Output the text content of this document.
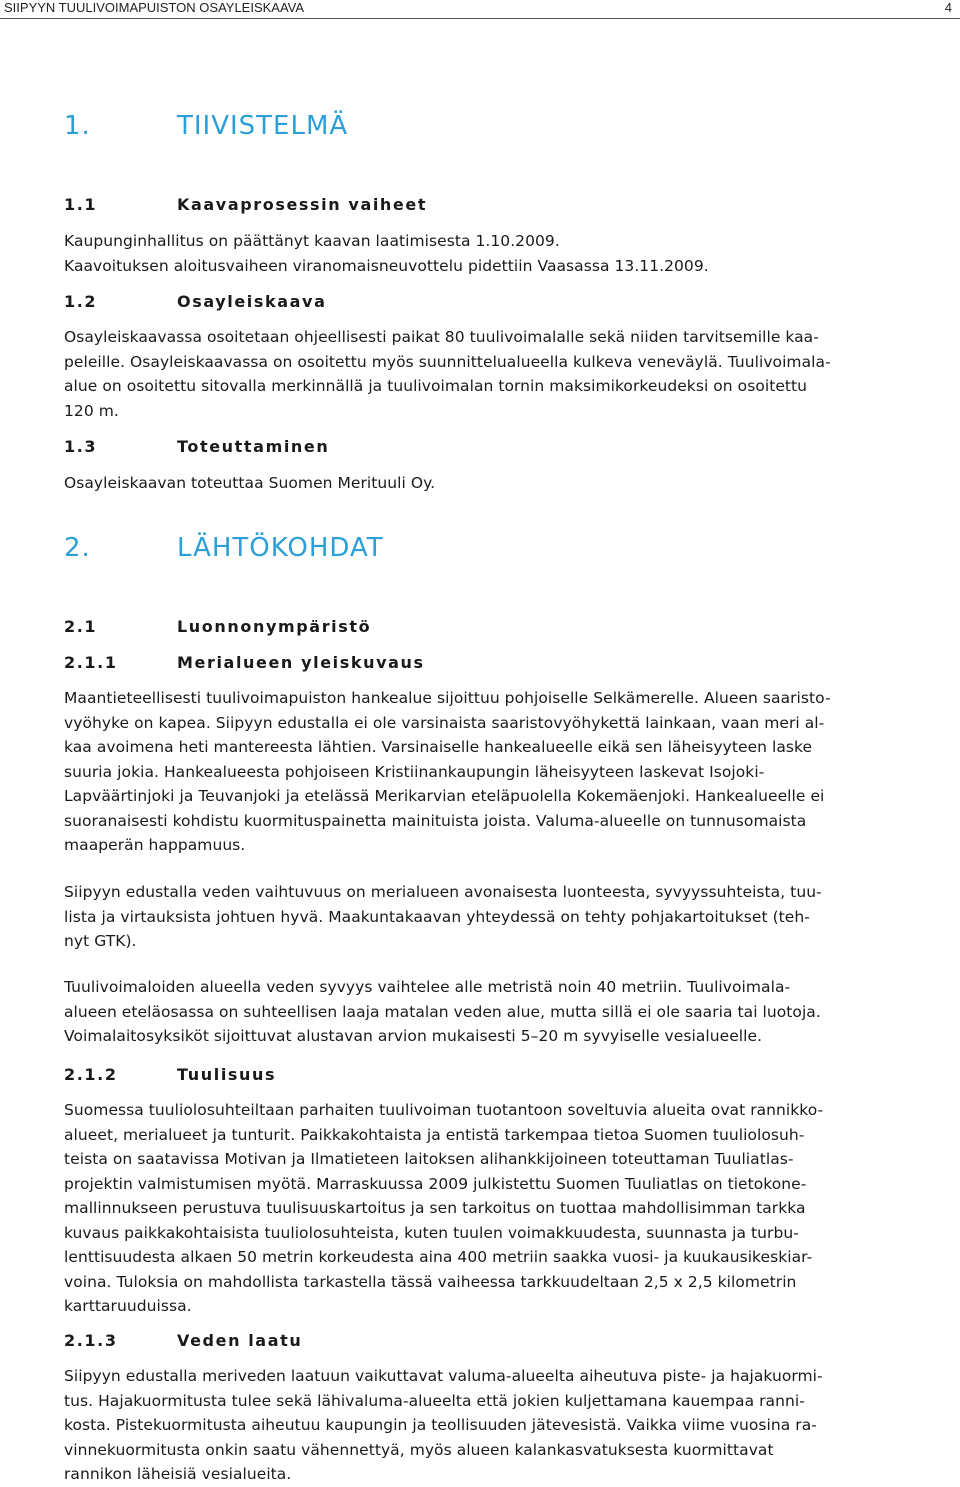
SIIPYYN TUULIVOIMAPUISTON OSAYLEISKAAVA	4
1.	TIIVISTELMÄ
1.1	Kaavaprosessin vaiheet

Kaupunginhallitus on päättänyt kaavan laatimisesta 1.10.2009.
Kaavoituksen aloitusvaiheen viranomaisneuvottelu pidettiin Vaasassa 13.11.2009.

1.2	Osayleiskaava

Osayleiskaavassa osoitetaan ohjeellisesti paikat 80 tuulivoimalalle sekä niiden tarvitsemille kaa-
peleille. Osayleiskaavassa on osoitettu myös suunnittelualueella kulkeva veneväylä. Tuulivoimala-
alue on osoitettu sitovalla merkinnällä ja tuulivoimalan tornin maksimikorkeudeksi on osoitettu
120 m.

1.3	Toteuttaminen

Osayleiskaavan toteuttaa Suomen Merituuli Oy.

2.	LÄHTÖKOHDAT
2.1	Luonnonympäristö
2.1.1	Merialueen yleiskuvaus

Maantieteellisesti tuulivoimapuiston hankealue sijoittuu pohjoiselle Selkämerelle. Alueen saaristo-
vyöhyke on kapea. Siipyyn edustalla ei ole varsinaista saaristovyöhykettä lainkaan, vaan meri al-
kaa avoimena heti mantereesta lähtien. Varsinaiselle hankealueelle eikä sen läheisyyteen laske
suuria jokia. Hankealueesta pohjoiseen Kristiinankaupungin läheisyyteen laskevat Isojoki-
Lapväärtinjoki ja Teuvanjoki ja etelässä Merikarvian eteläpuolella Kokemäenjoki. Hankealueelle ei
suoranaisesti kohdistu kuormituspainetta mainituista joista. Valuma-alueelle on tunnusomaista
maaperän happamuus.

Siipyyn edustalla veden vaihtuvuus on merialueen avonaisesta luonteesta, syvyyssuhteista, tuu-
lista ja virtauksista johtuen hyvä. Maakuntakaavan yhteydessä on tehty pohjakartoitukset (teh-
nyt GTK).

Tuulivoimaloiden alueella veden syvyys vaihtelee alle metristä noin 40 metriin. Tuulivoimala-
alueen eteläosassa on suhteellisen laaja matalan veden alue, mutta sillä ei ole saaria tai luotoja.
Voimalaitosyksiköt sijoittuvat alustavan arvion mukaisesti 5–20 m syvyiselle vesialueelle.

2.1.2	Tuulisuus

Suomessa tuuliolosuhteiltaan parhaiten tuulivoiman tuotantoon soveltuvia alueita ovat rannikko-
alueet, merialueet ja tunturit. Paikkakohtaista ja entistä tarkempaa tietoa Suomen tuuliolosuh-
teista on saatavissa Motivan ja Ilmatieteen laitoksen alihankkijoineen toteuttaman Tuuliatlas-
projektin valmistumisen myötä. Marraskuussa 2009 julkistettu Suomen Tuuliatlas on tietokone-
mallinnukseen perustuva tuulisuuskartoitus ja sen tarkoitus on tuottaa mahdollisimman tarkka
kuvaus paikkakohtaisista tuuliolosuhteista, kuten tuulen voimakkuudesta, suunnasta ja turbu-
lenttisuudesta alkaen 50 metrin korkeudesta aina 400 metriin saakka vuosi- ja kuukausikeskiar-
voina. Tuloksia on mahdollista tarkastella tässä vaiheessa tarkkuudeltaan 2,5 x 2,5 kilometrin
karttaruuduissa.

2.1.3	Veden laatu

Siipyyn edustalla meriveden laatuun vaikuttavat valuma-alueelta aiheutuva piste- ja hajakuormi-
tus. Hajakuormitusta tulee sekä lähivaluma-alueelta että jokien kuljettamana kauempaa ranni-
kosta. Pistekuormitusta aiheutuu kaupungin ja teollisuuden jätevesistä. Vaikka viime vuosina ra-
vinnekuormitusta onkin saatu vähennettyä, myös alueen kalankasvatuksesta kuormittavat
rannikon läheisiä vesialueita.
